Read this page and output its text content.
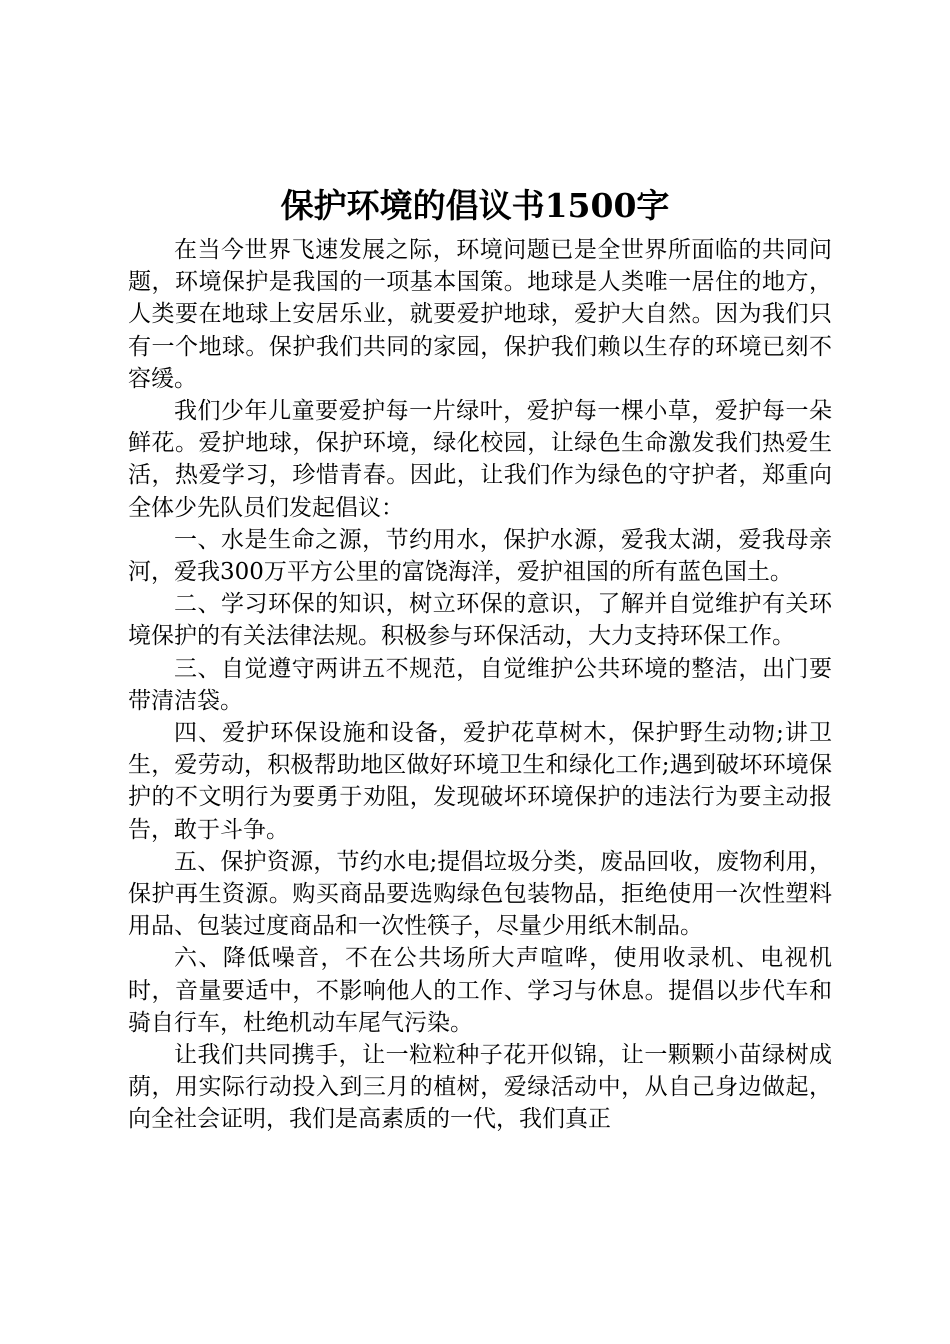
保护环境的倡议书1500字

在当今世界飞速发展之际，环境问题已是全世界所面临的共同问题，环境保护是我国的一项基本国策。地球是人类唯一居住的地方，人类要在地球上安居乐业，就要爱护地球，爱护大自然。因为我们只有一个地球。保护我们共同的家园，保护我们赖以生存的环境已刻不容缓。

我们少年儿童要爱护每一片绿叶，爱护每一棵小草，爱护每一朵鲜花。爱护地球，保护环境，绿化校园，让绿色生命激发我们热爱生活，热爱学习，珍惜青春。因此，让我们作为绿色的守护者，郑重向全体少先队员们发起倡议：

一、水是生命之源，节约用水，保护水源，爱我太湖，爱我母亲河，爱我300万平方公里的富饶海洋，爱护祖国的所有蓝色国土。

二、学习环保的知识，树立环保的意识，了解并自觉维护有关环境保护的有关法律法规。积极参与环保活动，大力支持环保工作。

三、自觉遵守两讲五不规范，自觉维护公共环境的整洁，出门要带清洁袋。

四、爱护环保设施和设备，爱护花草树木，保护野生动物;讲卫生，爱劳动，积极帮助地区做好环境卫生和绿化工作;遇到破坏环境保护的不文明行为要勇于劝阻，发现破坏环境保护的违法行为要主动报告，敢于斗争。

五、保护资源，节约水电;提倡垃圾分类，废品回收，废物利用，保护再生资源。购买商品要选购绿色包装物品，拒绝使用一次性塑料用品、包装过度商品和一次性筷子，尽量少用纸木制品。

六、降低噪音，不在公共场所大声喧哗，使用收录机、电视机时，音量要适中，不影响他人的工作、学习与休息。提倡以步代车和骑自行车，杜绝机动车尾气污染。

让我们共同携手，让一粒粒种子花开似锦，让一颗颗小苗绿树成荫，用实际行动投入到三月的植树，爱绿活动中，从自己身边做起，向全社会证明，我们是高素质的一代，我们真正
